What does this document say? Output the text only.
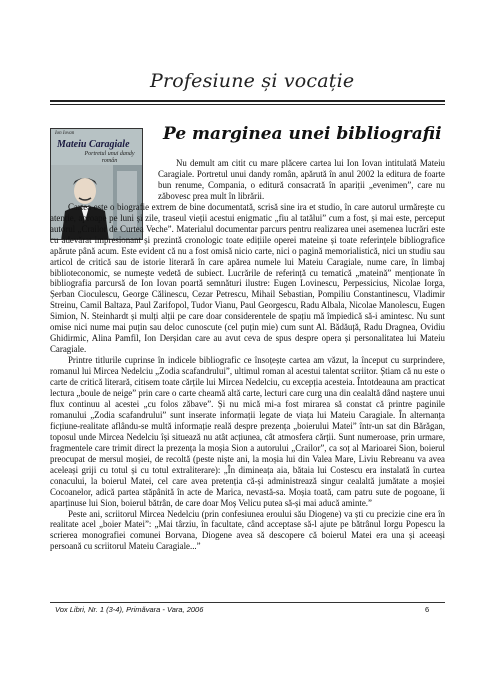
Profesiune și vocație
Ion Iovan
Mateiu Caragiale
Portretul unui dandy român
Pe marginea unei bibliografii

Nu demult am citit cu mare plăcere cartea lui Ion Iovan intitulată Mateiu Caragiale. Portretul unui dandy român, apărută în anul 2002 la editura de foarte bun renume, Compania, o editură consacrată în apariții „evenimen”, care nu zăbovesc prea mult în librării.

Cartea este o biografie extrem de bine documentată, scrisă sine ira et studio, în care autorul urmărește cu atenție, aproape pe luni și zile, traseul vieții acestui enigmatic „fiu al tatălui” cum a fost, și mai este, perceput autorul „Crailor de Curtea Veche”. Materialul documentar parcurs pentru realizarea unei asemenea lucrări este cu adevărat impresionant și prezintă cronologic toate edițiile operei mateine și toate referințele bibliografice apărute până acum. Este evident că nu a fost omisă nicio carte, nici o pagină memorialistică, nici un studiu sau articol de critică sau de istorie literară în care apărea numele lui Mateiu Caragiale, nume care, în limbaj biblioteconomic, se numește vedetă de subiect. Lucrările de referință cu tematică „mateină” menționate în bibliografia parcursă de Ion Iovan poartă semnături ilustre: Eugen Lovinescu, Perpessicius, Nicolae Iorga, Șerban Cioculescu, George Călinescu, Cezar Petrescu, Mihail Sebastian, Pompiliu Constantinescu, Vladimir Streinu, Camil Baltaza, Paul Zarifopol, Tudor Vianu, Paul Georgescu, Radu Albala, Nicolae Manolescu, Eugen Simion, N. Steinhardt și mulți alții pe care doar considerentele de spațiu mă împiedică să-i amintesc. Nu sunt omise nici nume mai puțin sau deloc cunoscute (cel puțin mie) cum sunt Al. Bădăuță, Radu Dragnea, Ovidiu Ghidirmic, Alina Pamfil, Ion Derșidan care au avut ceva de spus despre opera și personalitatea lui Mateiu Caragiale.

Printre titlurile cuprinse în indicele bibliografic ce însoțește cartea am văzut, la început cu surprindere, romanul lui Mircea Nedelciu „Zodia scafandrului”, ultimul roman al acestui talentat scriitor. Știam că nu este o carte de critică literară, citisem toate cărțile lui Mircea Nedelciu, cu excepția acesteia. Întotdeauna am practicat lectura „boule de neige” prin care o carte cheamă altă carte, lecturi care curg una din cealaltă dând naștere unui flux continuu al acestei „cu folos zăbave”. Și nu mică mi-a fost mirarea să constat că printre paginile romanului „Zodia scafandrului” sunt inserate informații legate de viața lui Mateiu Caragiale. În alternanța ficțiune-realitate aflându-se multă informație reală despre prezența „boierului Matei” într-un sat din Bărăgan, toposul unde Mircea Nedelciu își situează nu atât acțiunea, cât atmosfera cărții. Sunt numeroase, prin urmare, fragmentele care trimit direct la prezența la moșia Sion a autorului „Crailor”, ca soț al Marioarei Sion, boierul preocupat de mersul moșiei, de recoltă (peste niște ani, la moșia lui din Valea Mare, Liviu Rebreanu va avea aceleași griji cu totul și cu totul extraliterare): „În dimineața aia, bătaia lui Costescu era instalată în curtea conacului, la boierul Matei, cel care avea pretenția că-și administrează singur cealaltă jumătate a moșiei Cocoanelor, adică partea stăpânită în acte de Marica, nevastă-sa. Moșia toată, cam patru sute de pogoane, îi aparținuse lui Sion, boierul bătrân, de care doar Moș Velicu putea să-și mai aducă aminte.”

Peste ani, scriitorul Mircea Nedelciu (prin confesiunea eroului său Diogene) va ști cu precizie cine era în realitate acel „boier Matei”: „Mai târziu, în facultate, când acceptase să-l ajute pe bătrânul Iorgu Popescu la scrierea monografiei comunei Borvana, Diogene avea să descopere că boierul Matei era una și aceeași persoană cu scriitorul Mateiu Caragiale...”

Vox Libri, Nr. 1 (3-4), Primăvara - Vara, 2006	6
